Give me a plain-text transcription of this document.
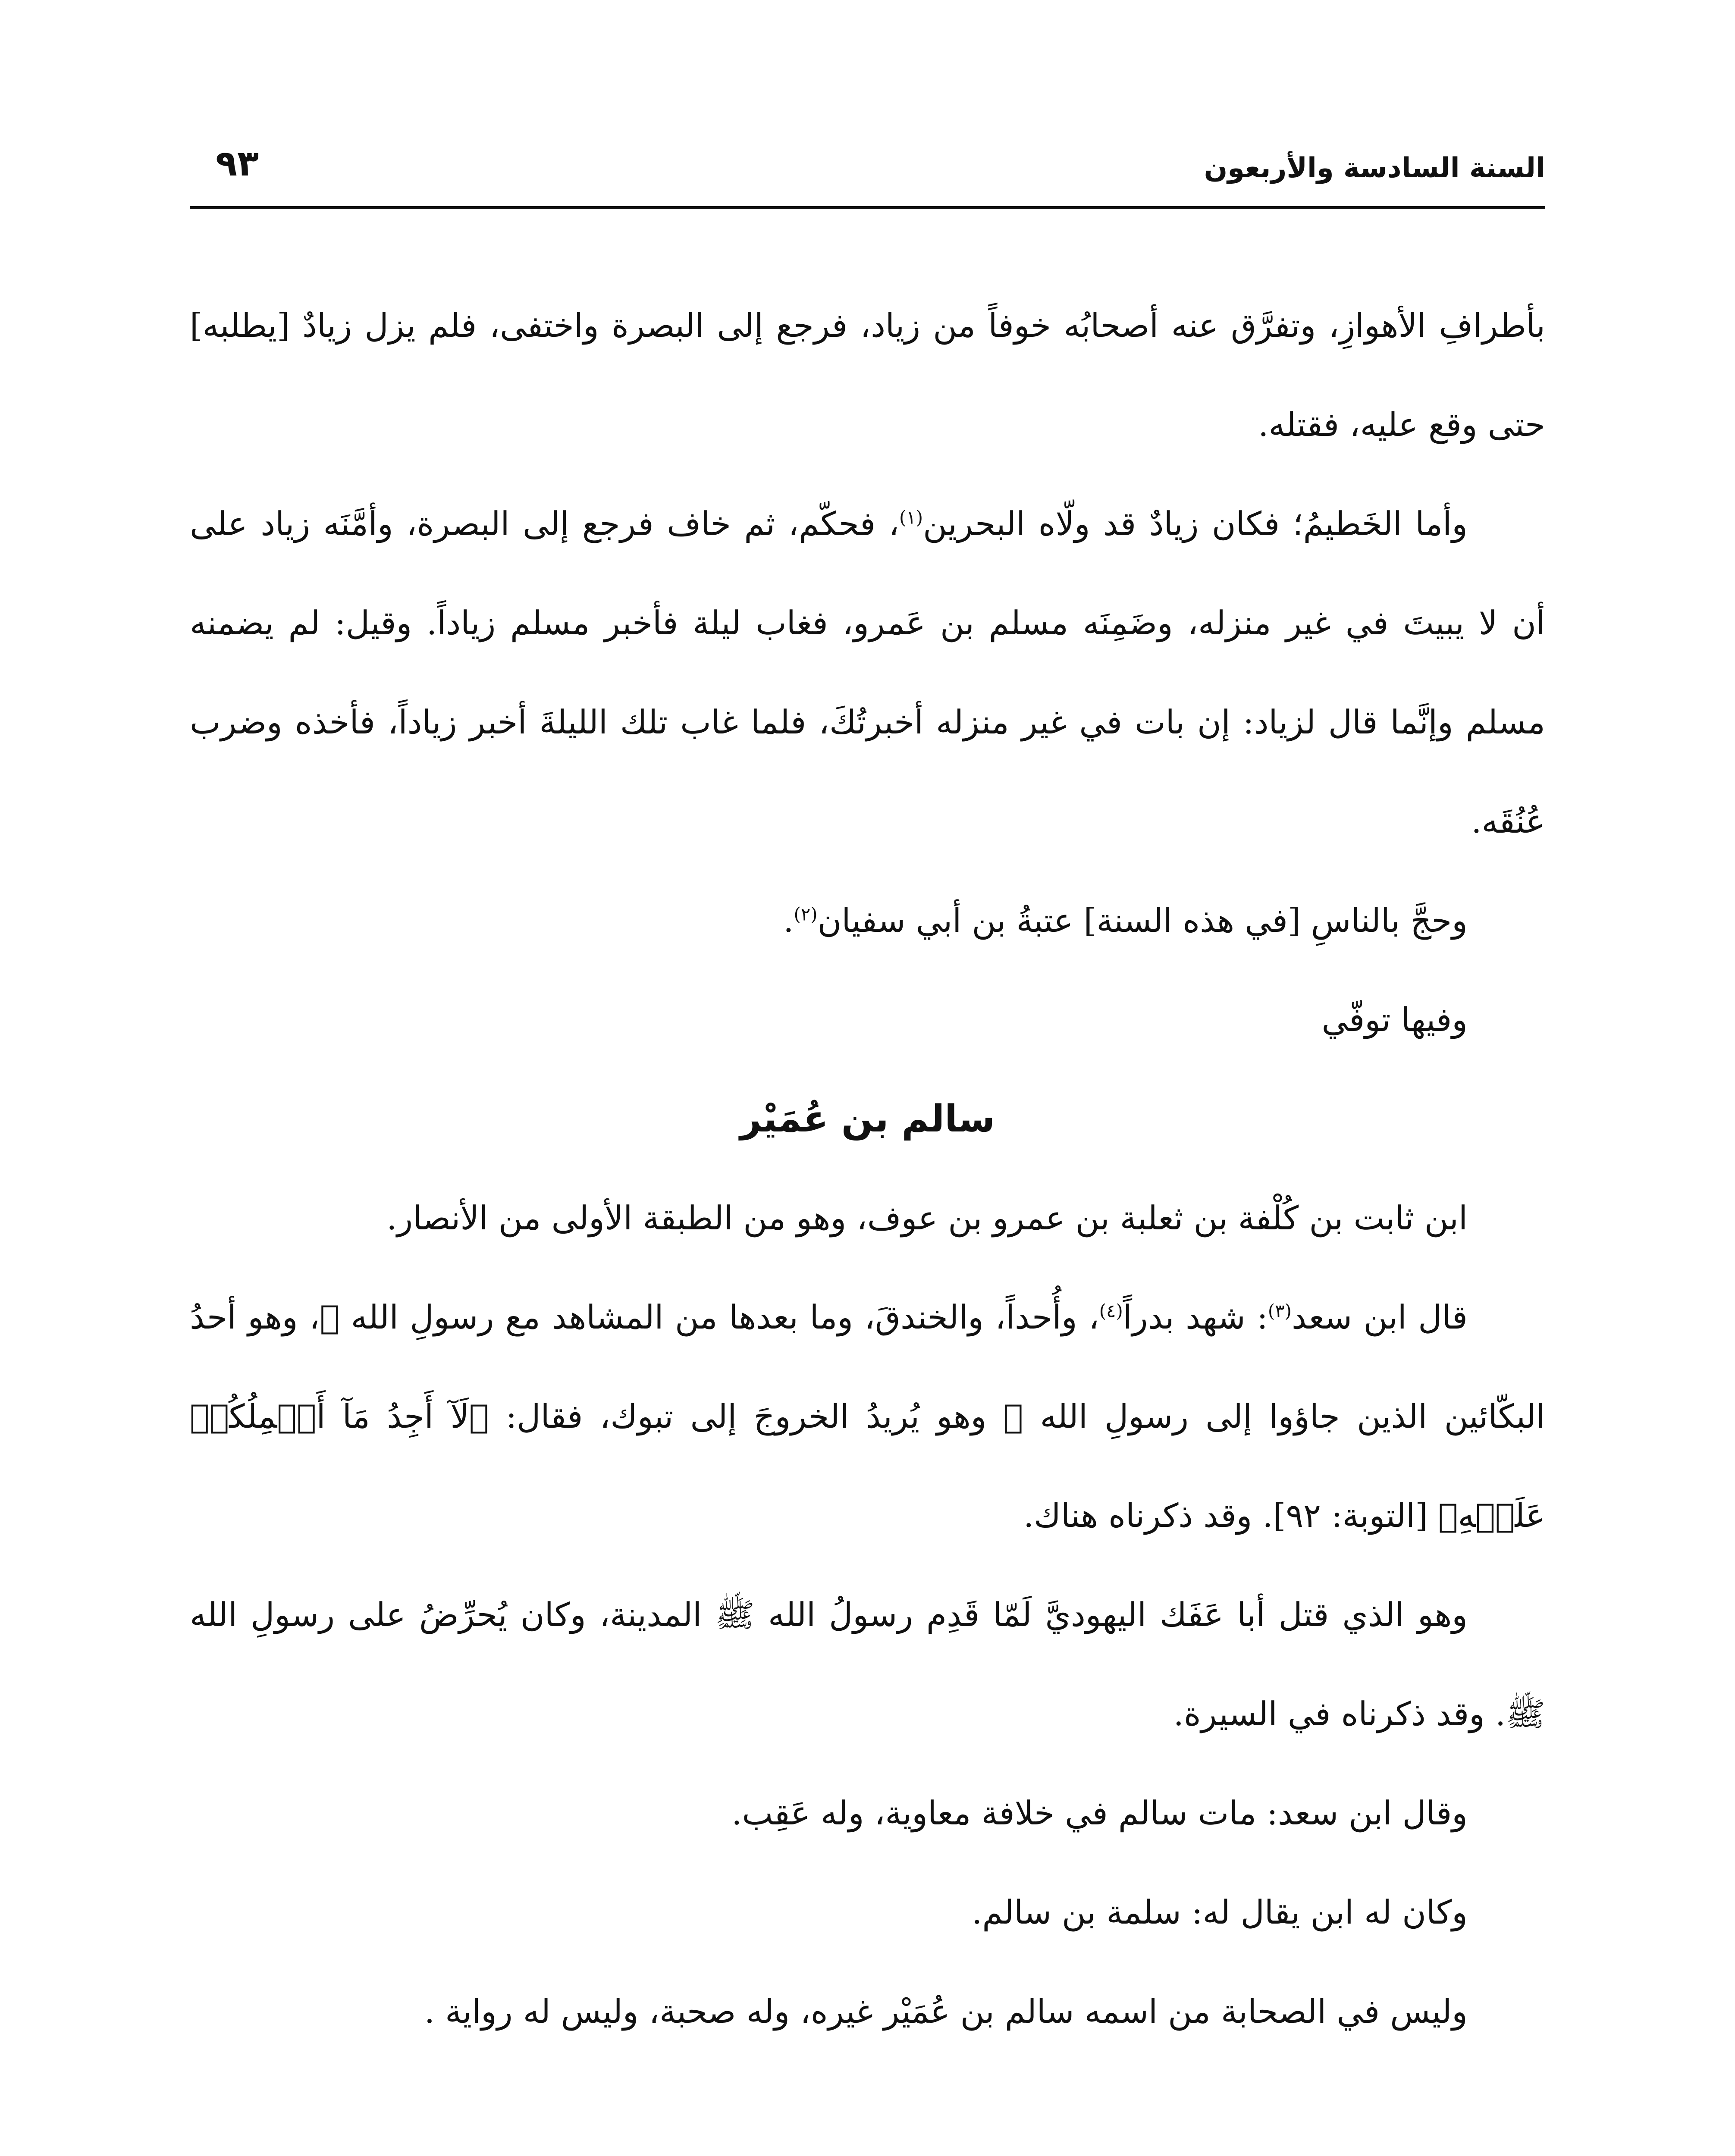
السنة السادسة والأربعون
٩٣

بأطرافِ الأهوازِ، وتفرَّق عنه أصحابُه خوفاً من زياد، فرجع إلى البصرة واختفى، فلم يزل زيادٌ [يطلبه] حتى وقع عليه، فقتله.

وأما الخَطيمُ؛ فكان زيادٌ قد ولّاه البحرين$^{(١)}$، فحكّم، ثم خاف فرجع إلى البصرة، وأمَّنَه زياد على أن لا يبيتَ في غير منزله، وضَمِنَه مسلم بن عَمرو، فغاب ليلة فأخبر مسلم زياداً. وقيل: لم يضمنه مسلم وإنَّما قال لزياد: إن بات في غير منزله أخبرتُكَ، فلما غاب تلك الليلةَ أخبر زياداً، فأخذه وضرب عُنُقَه.

وحجَّ بالناسِ [في هذه السنة] عتبةُ بن أبي سفيان$^{(٢)}$.

وفيها توفّي

سالم بن عُمَيْر

ابن ثابت بن كُلْفة بن ثعلبة بن عمرو بن عوف، وهو من الطبقة الأولى من الأنصار.

قال ابن سعد$^{(٣)}$: شهد بدراً$^{(٤)}$، وأُحداً، والخندقَ، وما بعدها من المشاهد مع رسولِ الله ﷺ، وهو أحدُ البكّائين الذين جاؤوا إلى رسولِ الله ﷺ وهو يُريدُ الخروجَ إلى تبوك، فقال: ﴿لَآ أَجِدُ مَآ أَحۡمِلُكُمۡ عَلَيۡهِ﴾ [التوبة: ٩٢]. وقد ذكرناه هناك.

وهو الذي قتل أبا عَفَك اليهوديَّ لَمّا قَدِم رسولُ الله ﷺ المدينة، وكان يُحرِّضُ على رسولِ الله ﷺ. وقد ذكرناه في السيرة.

وقال ابن سعد: مات سالم في خلافة معاوية، وله عَقِب.

وكان له ابن يقال له: سلمة بن سالم.

وليس في الصحابة من اسمه سالم بن عُمَيْر غيره، وله صحبة، وليس له رواية .
